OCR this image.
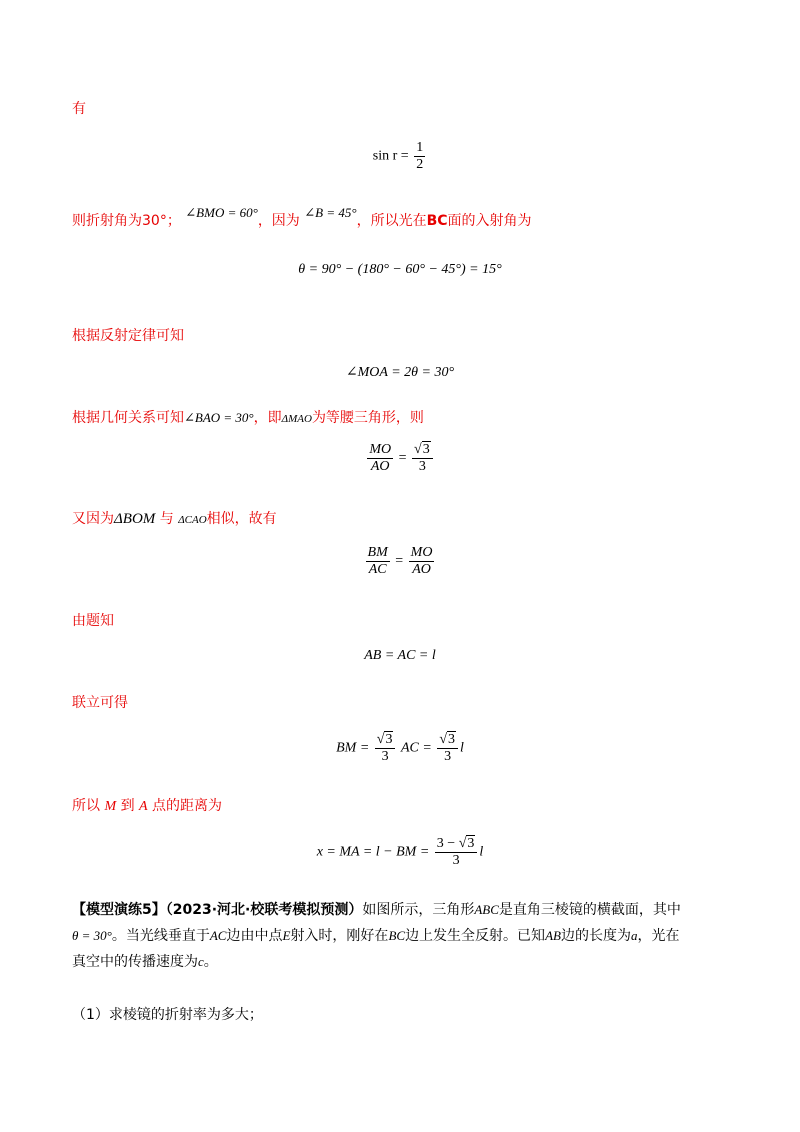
有
$\sin r = \frac{1}{2}$
则折射角为30°； ∠BMO = 60°，因为 ∠B = 45°，所以光在BC面的入射角为
θ = 90° − (180° − 60° − 45°) = 15°
根据反射定律可知
∠MOA = 2θ = 30°
根据几何关系可知∠BAO = 30°，即ΔMAO为等腰三角形，则
$\frac{MO}{AO} = \frac{√3}{3}$
又因为ΔBOM 与 ΔCAO相似，故有
$\frac{BM}{AC} = \frac{MO}{AO}$
由题知
AB = AC = l
联立可得
BM = $\frac{√3}{3}$ AC = $\frac{√3}{3}$ l
所以 M 到 A 点的距离为
x = MA = l − BM = $\frac{3 - √3}{3}$ l
【模型演练5】（2023·河北·校联考模拟预测）如图所示，三角形ABC是直角三棱镜的横截面，其中
θ = 30°。当光线垂直于AC边由中点E射入时，刚好在BC边上发生全反射。已知AB边的长度为a，光在
真空中的传播速度为c。
（1）求棱镜的折射率为多大；
